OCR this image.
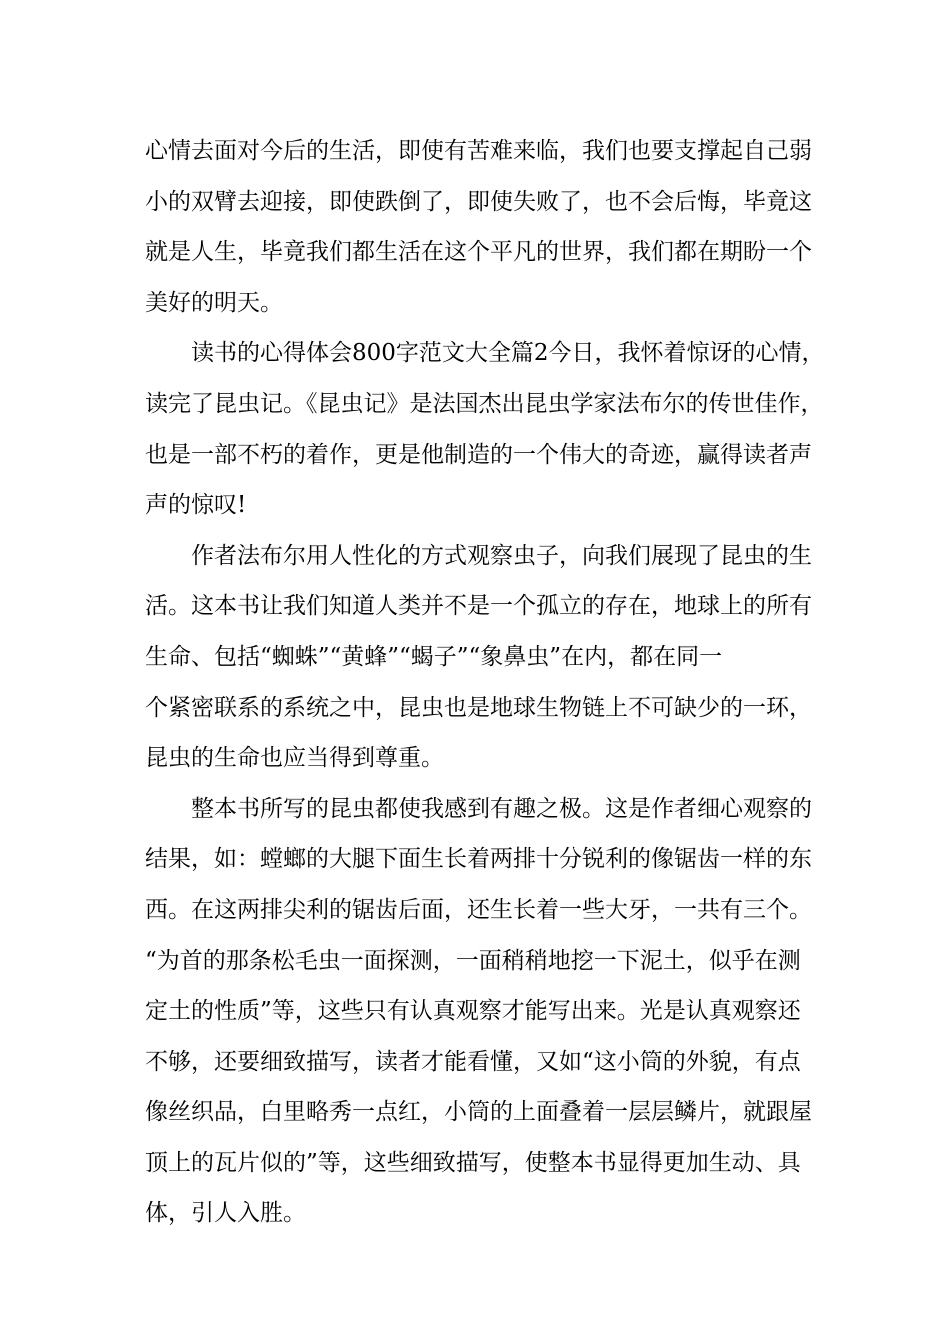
心情去面对今后的生活，即使有苦难来临，我们也要支撑起自己弱
小的双臂去迎接，即使跌倒了，即使失败了，也不会后悔，毕竟这
就是人生，毕竟我们都生活在这个平凡的世界，我们都在期盼一个
美好的明天。

读书的心得体会800字范文大全篇2今日，我怀着惊讶的心情，
读完了昆虫记。《昆虫记》是法国杰出昆虫学家法布尔的传世佳作，
也是一部不朽的着作，更是他制造的一个伟大的奇迹，赢得读者声
声的惊叹!

作者法布尔用人性化的方式观察虫子，向我们展现了昆虫的生
活。这本书让我们知道人类并不是一个孤立的存在，地球上的所有
生命、包括“蜘蛛”“黄蜂”“蝎子”“象鼻虫”在内，都在同一
个紧密联系的系统之中，昆虫也是地球生物链上不可缺少的一环，
昆虫的生命也应当得到尊重。

整本书所写的昆虫都使我感到有趣之极。这是作者细心观察的
结果，如：螳螂的大腿下面生长着两排十分锐利的像锯齿一样的东
西。在这两排尖利的锯齿后面，还生长着一些大牙，一共有三个。
“为首的那条松毛虫一面探测，一面稍稍地挖一下泥土，似乎在测
定土的性质”等，这些只有认真观察才能写出来。光是认真观察还
不够，还要细致描写，读者才能看懂，又如“这小筒的外貌，有点
像丝织品，白里略秀一点红，小筒的上面叠着一层层鳞片，就跟屋
顶上的瓦片似的”等，这些细致描写，使整本书显得更加生动、具
体，引人入胜。
